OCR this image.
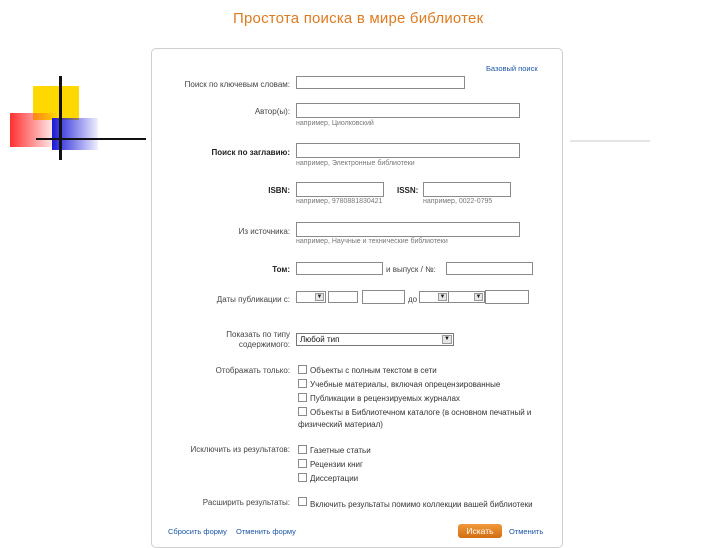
Простота поиска в мире библиотек
Базовый поиск
Поиск по ключевым словам:
Автор(ы):
например, Циолковский
Поиск по заглавию:
например, Электронные библиотеки
ISBN:
например, 9780881830421
ISSN:
например, 0022-0795
Из источника:
например, Научные и технические библиотеки
Том:	и выпуск / №:
Даты публикации с:	▼	до	▼	▼
Показать по типу
содержимого:
Любой тип	▼
Отображать только:	Объекты с полным текстом в сети
Учебные материалы, включая опрецензированные
Публикации в рецензируемых журналах
Объекты в Библиотечном каталоге (в основном печатный и
физический материал)
Исключить из результатов:	Газетные статьи
Рецензии книг
Диссертации
Расширить результаты:	Включить результаты помимо коллекции вашей библиотеки
Сбросить форму Отменить форму	Искать	Отменить
